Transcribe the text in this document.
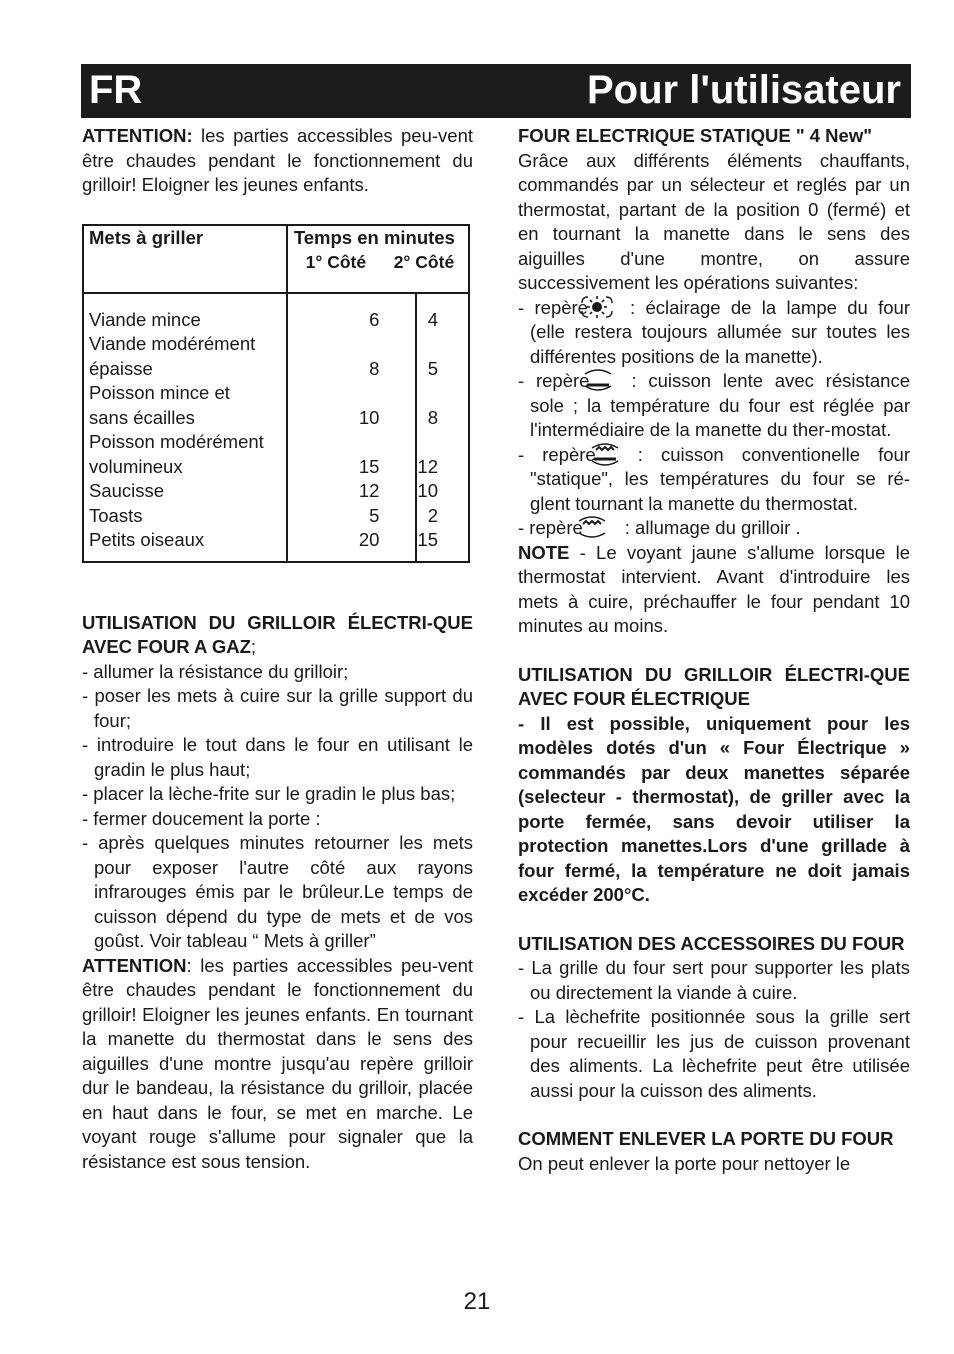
FR	Pour l'utilisateur

ATTENTION: les parties accessibles peu-vent être chaudes pendant le fonctionnement du grilloir! Eloigner les jeunes enfants.

Mets à griller	Temps en minutes
1° Côté 2° Côté	

Viande mince	6	4
Viande modérément		
épaisse	8	5
Poisson mince et		
sans écailles	10	8
Poisson modérément		
volumineux	15	12
Saucisse	12	10
Toasts	5	2
Petits oiseaux	20	15

UTILISATION DU GRILLOIR ÉLECTRI-QUE AVEC FOUR A GAZ;

- allumer la résistance du grilloir;

- poser les mets à cuire sur la grille support du four;

- introduire le tout dans le four en utilisant le gradin le plus haut;

- placer la lèche-frite sur le gradin le plus bas;

- fermer doucement la porte :

- après quelques minutes retourner les mets pour exposer l'autre côté aux rayons infrarouges émis par le brûleur.Le temps de cuisson dépend du type de mets et de vos goûst. Voir tableau “ Mets à griller”

ATTENTION: les parties accessibles peu-vent être chaudes pendant le fonctionnement du grilloir! Eloigner les jeunes enfants. En tournant la manette du thermostat dans le sens des aiguilles d'une montre jusqu'au repère grilloir dur le bandeau, la résistance du grilloir, placée en haut dans le four, se met en marche. Le voyant rouge s'allume pour signaler que la résistance est sous tension.

FOUR ELECTRIQUE STATIQUE " 4 New"

Grâce aux différents éléments chauffants, commandés par un sélecteur et reglés par un thermostat, partant de la position 0 (fermé) et en tournant la manette dans le sens des aiguilles d'une montre, on assure successivement les opérations suivantes:

- repère : éclairage de la lampe du four (elle restera toujours allumée sur toutes les différentes positions de la manette).

- repère : cuisson lente avec résistance sole ; la température du four est réglée par l'intermédiaire de la manette du ther-mostat.

- repère : cuisson conventionelle four "statique", les températures du four se ré-glent tournant la manette du thermostat.

- repère : allumage du grilloir .

NOTE - Le voyant jaune s'allume lorsque le thermostat intervient. Avant d'introduire les mets à cuire, préchauffer le four pendant 10 minutes au moins.

UTILISATION DU GRILLOIR ÉLECTRI-QUE AVEC FOUR ÉLECTRIQUE

- Il est possible, uniquement pour les modèles dotés d'un « Four Électrique » commandés par deux manettes séparée (selecteur - thermostat), de griller avec la porte fermée, sans devoir utiliser la protection manettes.Lors d'une grillade à four fermé, la température ne doit jamais excéder 200°C.

UTILISATION DES ACCESSOIRES DU FOUR

- La grille du four sert pour supporter les plats ou directement la viande à cuire.

- La lèchefrite positionnée sous la grille sert pour recueillir les jus de cuisson provenant des aliments. La lèchefrite peut être utilisée aussi pour la cuisson des aliments.

COMMENT ENLEVER LA PORTE DU FOUR

On peut enlever la porte pour nettoyer le

21
